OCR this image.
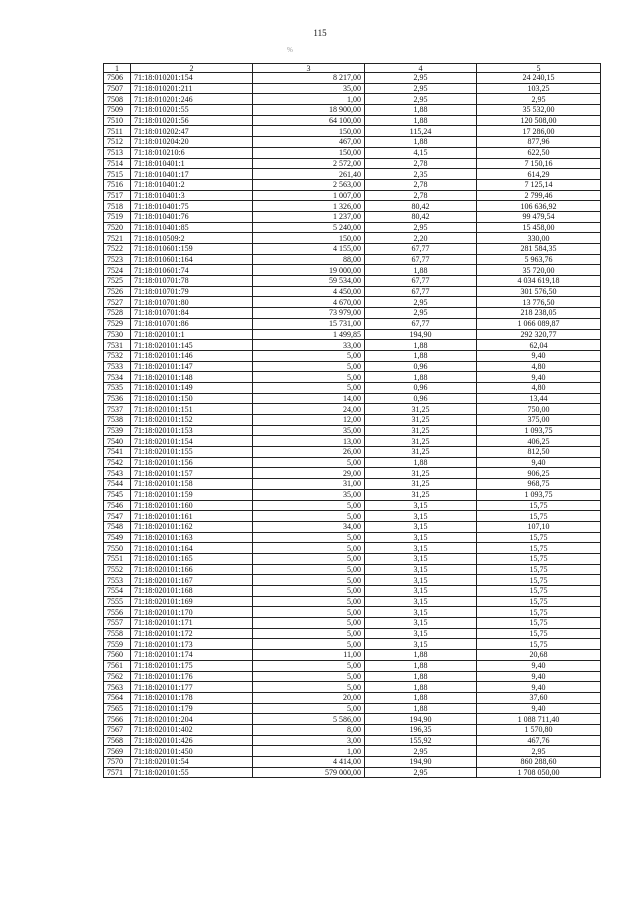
115
%
1	2	3	4	5
7506	71:18:010201:154	8 217,00	2,95	24 240,15
7507	71:18:010201:211	35,00	2,95	103,25
7508	71:18:010201:246	1,00	2,95	2,95
7509	71:18:010201:55	18 900,00	1,88	35 532,00
7510	71:18:010201:56	64 100,00	1,88	120 508,00
7511	71:18:010202:47	150,00	115,24	17 286,00
7512	71:18:010204:20	467,00	1,88	877,96
7513	71:18:010210:6	150,00	4,15	622,50
7514	71:18:010401:1	2 572,00	2,78	7 150,16
7515	71:18:010401:17	261,40	2,35	614,29
7516	71:18:010401:2	2 563,00	2,78	7 125,14
7517	71:18:010401:3	1 007,00	2,78	2 799,46
7518	71:18:010401:75	1 326,00	80,42	106 636,92
7519	71:18:010401:76	1 237,00	80,42	99 479,54
7520	71:18:010401:85	5 240,00	2,95	15 458,00
7521	71:18:010509:2	150,00	2,20	330,00
7522	71:18:010601:159	4 155,00	67,77	281 584,35
7523	71:18:010601:164	88,00	67,77	5 963,76
7524	71:18:010601:74	19 000,00	1,88	35 720,00
7525	71:18:010701:78	59 534,00	67,77	4 034 619,18
7526	71:18:010701:79	4 450,00	67,77	301 576,50
7527	71:18:010701:80	4 670,00	2,95	13 776,50
7528	71:18:010701:84	73 979,00	2,95	218 238,05
7529	71:18:010701:86	15 731,00	67,77	1 066 089,87
7530	71:18:020101:1	1 499,85	194,90	292 320,77
7531	71:18:020101:145	33,00	1,88	62,04
7532	71:18:020101:146	5,00	1,88	9,40
7533	71:18:020101:147	5,00	0,96	4,80
7534	71:18:020101:148	5,00	1,88	9,40
7535	71:18:020101:149	5,00	0,96	4,80
7536	71:18:020101:150	14,00	0,96	13,44
7537	71:18:020101:151	24,00	31,25	750,00
7538	71:18:020101:152	12,00	31,25	375,00
7539	71:18:020101:153	35,00	31,25	1 093,75
7540	71:18:020101:154	13,00	31,25	406,25
7541	71:18:020101:155	26,00	31,25	812,50
7542	71:18:020101:156	5,00	1,88	9,40
7543	71:18:020101:157	29,00	31,25	906,25
7544	71:18:020101:158	31,00	31,25	968,75
7545	71:18:020101:159	35,00	31,25	1 093,75
7546	71:18:020101:160	5,00	3,15	15,75
7547	71:18:020101:161	5,00	3,15	15,75
7548	71:18:020101:162	34,00	3,15	107,10
7549	71:18:020101:163	5,00	3,15	15,75
7550	71:18:020101:164	5,00	3,15	15,75
7551	71:18:020101:165	5,00	3,15	15,75
7552	71:18:020101:166	5,00	3,15	15,75
7553	71:18:020101:167	5,00	3,15	15,75
7554	71:18:020101:168	5,00	3,15	15,75
7555	71:18:020101:169	5,00	3,15	15,75
7556	71:18:020101:170	5,00	3,15	15,75
7557	71:18:020101:171	5,00	3,15	15,75
7558	71:18:020101:172	5,00	3,15	15,75
7559	71:18:020101:173	5,00	3,15	15,75
7560	71:18:020101:174	11,00	1,88	20,68
7561	71:18:020101:175	5,00	1,88	9,40
7562	71:18:020101:176	5,00	1,88	9,40
7563	71:18:020101:177	5,00	1,88	9,40
7564	71:18:020101:178	20,00	1,88	37,60
7565	71:18:020101:179	5,00	1,88	9,40
7566	71:18:020101:204	5 586,00	194,90	1 088 711,40
7567	71:18:020101:402	8,00	196,35	1 570,80
7568	71:18:020101:426	3,00	155,92	467,76
7569	71:18:020101:450	1,00	2,95	2,95
7570	71:18:020101:54	4 414,00	194,90	860 288,60
7571	71:18:020101:55	579 000,00	2,95	1 708 050,00
